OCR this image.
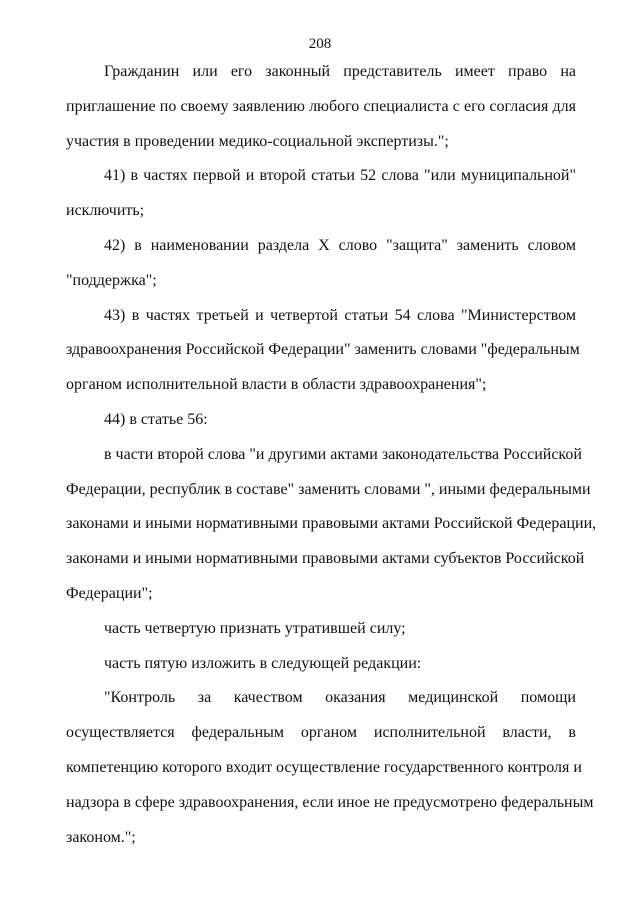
208
Гражданин или его законный представитель имеет право на
приглашение по своему заявлению любого специалиста с его согласия для
участия в проведении медико-социальной экспертизы.";
41) в частях первой и второй статьи 52 слова "или муниципальной"
исключить;
42) в наименовании раздела X слово "защита" заменить словом
"поддержка";
43) в частях третьей и четвертой статьи 54 слова "Министерством
здравоохранения Российской Федерации" заменить словами "федеральным
органом исполнительной власти в области здравоохранения";
44) в статье 56:
в части второй слова "и другими актами законодательства Российской
Федерации, республик в составе" заменить словами ", иными федеральными
законами и иными нормативными правовыми актами Российской Федерации,
законами и иными нормативными правовыми актами субъектов Российской
Федерации";
часть четвертую признать утратившей силу;
часть пятую изложить в следующей редакции:
"Контроль за качеством оказания медицинской помощи
осуществляется федеральным органом исполнительной власти, в
компетенцию которого входит осуществление государственного контроля и
надзора в сфере здравоохранения, если иное не предусмотрено федеральным
законом.";
